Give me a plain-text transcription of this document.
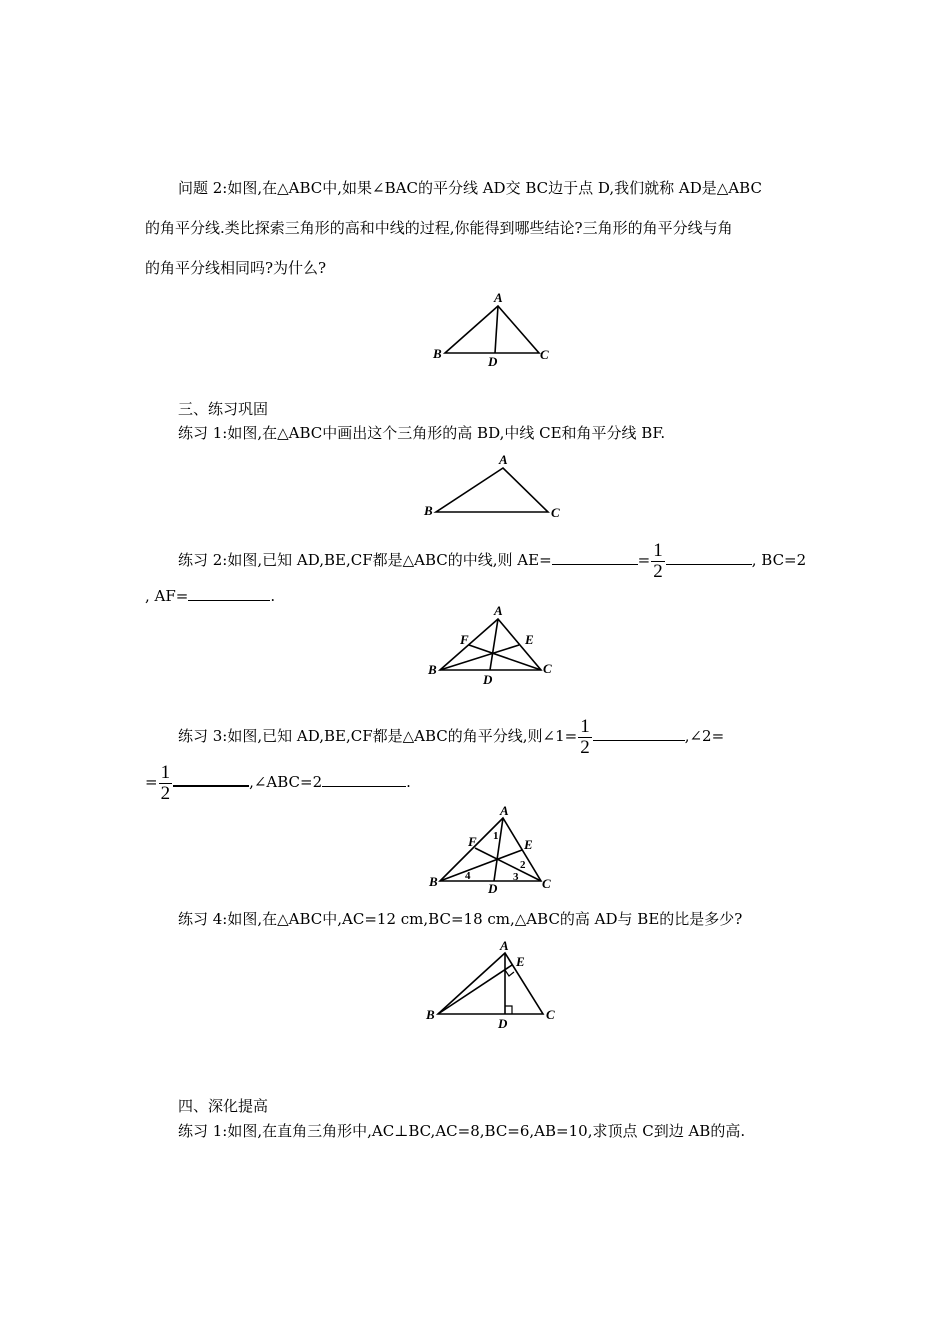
问题 2:如图,在△ABC中,如果∠BAC的平分线 AD交 BC边于点 D,我们就称 AD是△ABC
的角平分线.类比探索三角形的高和中线的过程,你能得到哪些结论?三角形的角平分线与角
的角平分线相同吗?为什么?
A
B	C
D
A
B	C
A
B	C
D
E
F
A
B	C
D
E
F 1
2
3
4
A
B	C
D
E
三、练习巩固
练习 1:如图,在△ABC中画出这个三角形的高 BD,中线 CE和角平分线 BF.
练习 2:如图,已知 AD,BE,CF都是△ABC的中线,则 AE=	= $\frac{1}{2}$	, BC=2
, AF=	.
练习 3:如图,已知 AD,BE,CF都是△ABC的角平分线,则∠1= $\frac{1}{2}$	,∠2=
= $\frac{1}{2}$	,∠ABC=2	.
练习 4:如图,在△ABC中,AC=12 cm,BC=18 cm,△ABC的高 AD与 BE的比是多少?
四、深化提高
练习 1:如图,在直角三角形中,AC⊥BC,AC=8,BC=6,AB=10,求顶点 C到边 AB的高.
